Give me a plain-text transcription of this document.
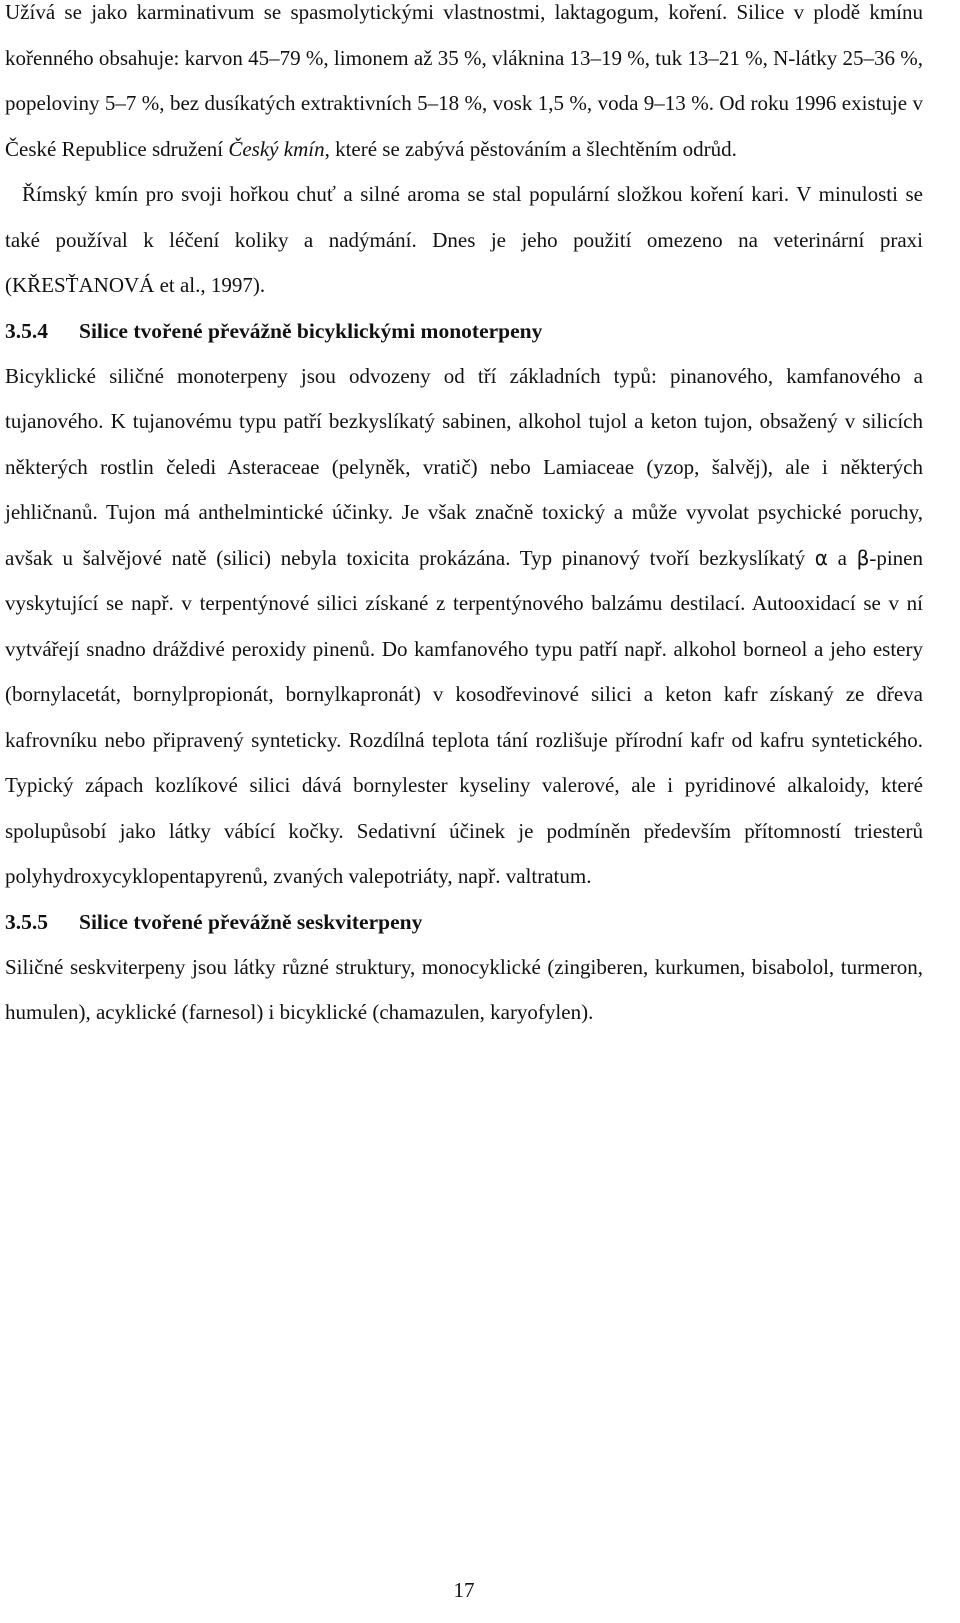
Užívá se jako karminativum se spasmolytickými vlastnostmi, laktagogum, koření. Silice v plodě kmínu kořenného obsahuje: karvon 45‒79 %, limonem až 35 %, vláknina 13‒19 %, tuk 13‒21 %, N-látky 25‒36 %, popeloviny 5‒7 %, bez dusíkatých extraktivních 5‒18 %, vosk 1,5 %, voda 9‒13 %. Od roku 1996 existuje v České Republice sdružení Český kmín, které se zabývá pěstováním a šlechtěním odrůd.

Římský kmín pro svoji hořkou chuť a silné aroma se stal populární složkou koření kari. V minulosti se také používal k léčení koliky a nadýmání. Dnes je jeho použití omezeno na veterinární praxi (KŘESŤANOVÁ et al., 1997).

3.5.4 Silice tvořené převážně bicyklickými monoterpeny

Bicyklické siličné monoterpeny jsou odvozeny od tří základních typů: pinanového, kamfanového a tujanového. K tujanovému typu patří bezkyslíkatý sabinen, alkohol tujol a keton tujon, obsažený v silicích některých rostlin čeledi Asteraceae (pelyněk, vratič) nebo Lamiaceae (yzop, šalvěj), ale i některých jehličnanů. Tujon má anthelmintické účinky. Je však značně toxický a může vyvolat psychické poruchy, avšak u šalvějové natě (silici) nebyla toxicita prokázána. Typ pinanový tvoří bezkyslíkatý α a β-pinen vyskytující se např. v terpentýnové silici získané z terpentýnového balzámu destilací. Autooxidací se v ní vytvářejí snadno dráždivé peroxidy pinenů. Do kamfanového typu patří např. alkohol borneol a jeho estery (bornylacetát, bornylpropionát, bornylkapronát) v kosodřevinové silici a keton kafr získaný ze dřeva kafrovníku nebo připravený synteticky. Rozdílná teplota tání rozlišuje přírodní kafr od kafru syntetického. Typický zápach kozlíkové silici dává bornylester kyseliny valerové, ale i pyridinové alkaloidy, které spolupůsobí jako látky vábící kočky. Sedativní účinek je podmíněn především přítomností triesterů polyhydroxycyklopentapyrenů, zvaných valepotriáty, např. valtratum.

3.5.5 Silice tvořené převážně seskviterpeny

Siličné seskviterpeny jsou látky různé struktury, monocyklické (zingiberen, kurkumen, bisabolol, turmeron, humulen), acyklické (farnesol) i bicyklické (chamazulen, karyofylen).

17
